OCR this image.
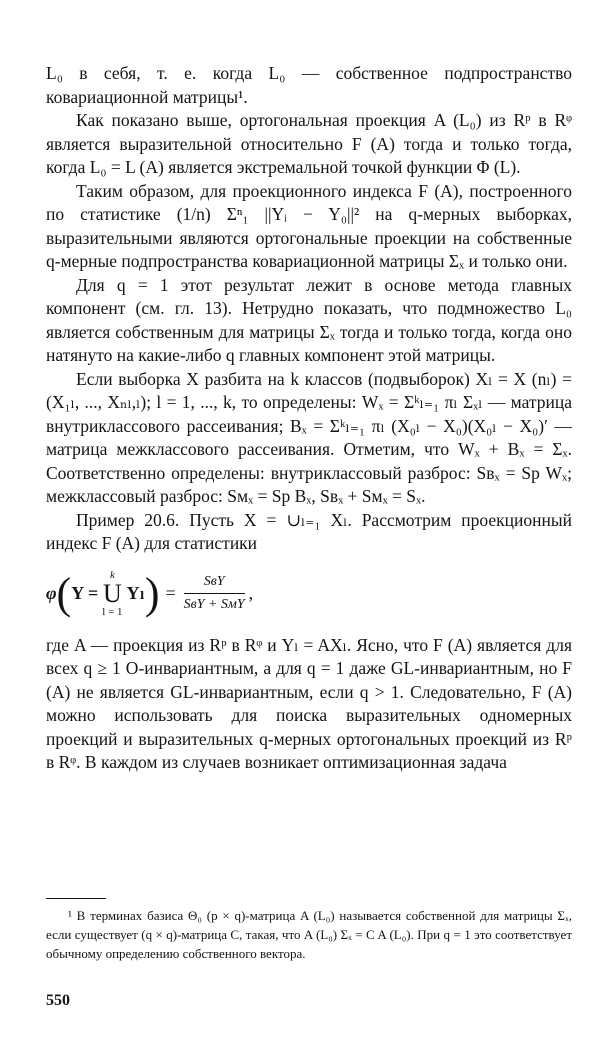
L₀ в себя, т. е. когда L₀ — собственное подпространство ковариационной матрицы¹.

Как показано выше, ортогональная проекция A (L₀) из Rᵖ в Rᵠ является выразительной относительно F (A) тогда и только тогда, когда L₀ = L (A) является экстремальной точкой функции Φ (L).

Таким образом, для проекционного индекса F (A), построенного по статистике (1/n) Σⁿ₁ ||Yᵢ − Y₀||² на q-мерных выборках, выразительными являются ортогональные проекции на собственные q-мерные подпространства ковариационной матрицы Σₓ и только они.

Для q = 1 этот результат лежит в основе метода главных компонент (см. гл. 13). Нетрудно показать, что подмножество L₀ является собственным для матрицы Σₓ тогда и только тогда, когда оно натянуто на какие-либо q главных компонент этой матрицы.

Если выборка X разбита на k классов (подвыборок) Xₗ = X (nₗ) = (X₁ₗ, ..., Xₙₗ,ₗ); l = 1, ..., k, то определены: Wₓ = Σᵏₗ₌₁ πₗ Σₓₗ — матрица внутриклассового рассеивания; Bₓ = Σᵏₗ₌₁ πₗ (X₀ₗ − X₀)(X₀ₗ − X₀)′ — матрица межклассового рассеивания. Отметим, что Wₓ + Bₓ = Σₓ. Соответственно определены: внутриклассовый разброс: Sвₓ = Sp Wₓ; межклассовый разброс: Sмₓ = Sp Bₓ, Sвₓ + Sмₓ = Sₓ.

Пример 20.6. Пусть X = ∪ₗ₌₁ Xₗ. Рассмотрим проекционный индекс F (A) для статистики

φ ( Y =
k
U
l = 1
Yₗ ) = $\frac{\text{SвY}}{\text{SвY + SмY}}$ ,

где A — проекция из Rᵖ в Rᵠ и Yₗ = AXₗ. Ясно, что F (A) является для всех q ≥ 1 O-инвариантным, а для q = 1 даже GL-инвариантным, но F (A) не является GL-инвариантным, если q > 1. Следовательно, F (A) можно использовать для поиска выразительных одномерных проекций и выразительных q-мерных ортогональных проекций из Rᵖ в Rᵠ. В каждом из случаев возникает оптимизационная задача

¹ В терминах базиса Θ₀ (p × q)-матрица A (L₀) называется собственной для матрицы Σₓ, если существует (q × q)-матрица C, такая, что A (L₀) Σₓ = C A (L₀). При q = 1 это соответствует обычному определению собственного вектора.
550
